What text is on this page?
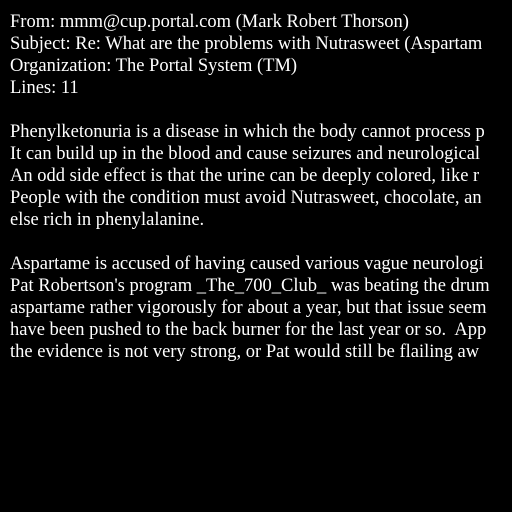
From: mmm@cup.portal.com (Mark Robert Thorson)
Subject: Re: What are the problems with Nutrasweet (Aspartam
Organization: The Portal System (TM)
Lines: 11
Phenylketonuria is a disease in which the body cannot process p
It can build up in the blood and cause seizures and neurological
An odd side effect is that the urine can be deeply colored, like r
People with the condition must avoid Nutrasweet, chocolate, an
else rich in phenylalanine.
Aspartame is accused of having caused various vague neurologi
Pat Robertson's program _The_700_Club_ was beating the drum
aspartame rather vigorously for about a year, but that issue seem
have been pushed to the back burner for the last year or so.  App
the evidence is not very strong, or Pat would still be flailing aw
